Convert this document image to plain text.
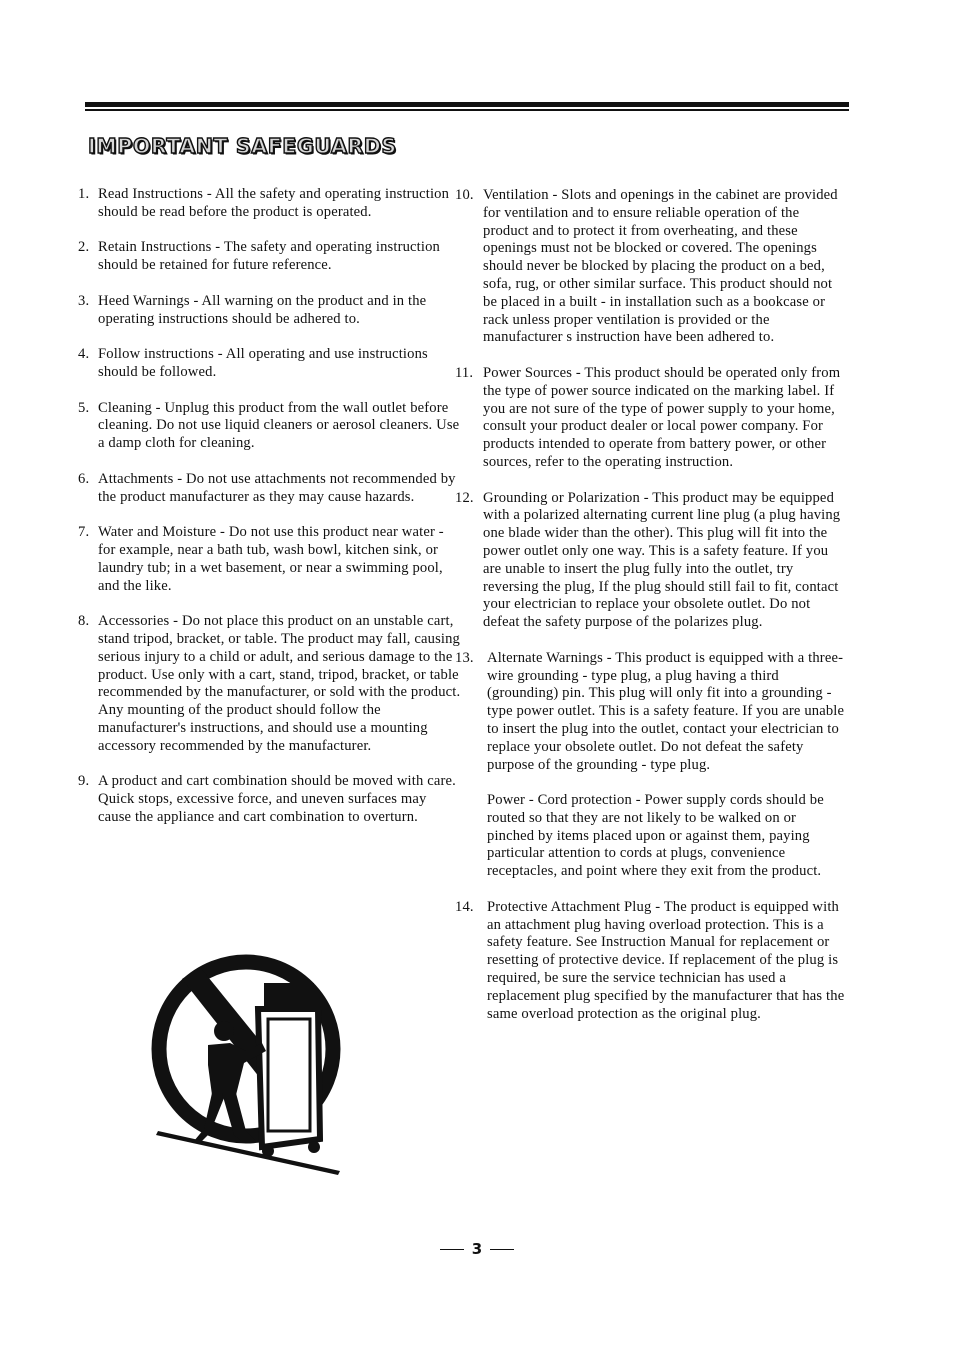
IMPORTANT SAFEGUARDS
1. Read Instructions - All the safety and operating instruction should be read before the product is operated.
2. Retain Instructions - The safety and operating instruction should be retained for future reference.
3. Heed Warnings - All warning on the product and in the operating instructions should be adhered to.
4. Follow instructions - All operating and use instructions should be followed.
5. Cleaning - Unplug this product from the wall outlet before cleaning. Do not use liquid cleaners or aerosol cleaners. Use a damp cloth for cleaning.
6. Attachments - Do not use attachments not recommended by the product manufacturer as they may cause hazards.
7. Water and Moisture - Do not use this product near water - for example, near a bath tub, wash bowl, kitchen sink, or laundry tub; in a wet basement, or near a swimming pool, and the like.
8. Accessories - Do not place this product on an unstable cart, stand tripod, bracket, or table. The product may fall, causing serious injury to a child or adult, and serious damage to the product. Use only with a cart, stand, tripod, bracket, or table recommended by the manufacturer, or sold with the product. Any mounting of the product should follow the manufacturer's instructions, and should use a mounting accessory recommended by the manufacturer.
9. A product and cart combination should be moved with care. Quick stops, excessive force, and uneven surfaces may cause the appliance and cart combination to overturn.
10. Ventilation - Slots and openings in the cabinet are provided for ventilation and to ensure reliable operation of the product and to protect it from overheating, and these openings must not be blocked or covered. The openings should never be blocked by placing the product on a bed, sofa, rug, or other similar surface. This product should not be placed in a built - in installation such as a bookcase or rack unless proper ventilation is provided or the manufacturer s instruction have been adhered to.
11. Power Sources - This product should be operated only from the type of power source indicated on the marking label. If you are not sure of the type of power supply to your home, consult your product dealer or local power company. For products intended to operate from battery power, or other sources, refer to the operating instruction.
12. Grounding or Polarization - This product may be equipped with a polarized alternating current line plug (a plug having one blade wider than the other). This plug will fit into the power outlet only one way. This is a safety feature. If you are unable to insert the plug fully into the outlet, try reversing the plug, If the plug should still fail to fit, contact your electrician to replace your obsolete outlet. Do not defeat the safety purpose of the polarizes plug.
13. Alternate Warnings - This product is equipped with a three- wire grounding - type plug, a plug having a third (grounding) pin. This plug will only fit into a grounding - type power outlet. This is a safety feature. If you are unable to insert the plug into the outlet, contact your electrician to replace your obsolete outlet. Do not defeat the safety purpose of the grounding - type plug.
Power - Cord protection - Power supply cords should be routed so that they are not likely to be walked on or pinched by items placed upon or against them, paying particular attention to cords at plugs, convenience receptacles, and point where they exit from the product.
14. Protective Attachment Plug - The product is equipped with an attachment plug having overload protection. This is a safety feature. See Instruction Manual for replacement or resetting of protective device. If replacement of the plug is required, be sure the service technician has used a replacement plug specified by the manufacturer that has the same overload protection as the original plug.
3
